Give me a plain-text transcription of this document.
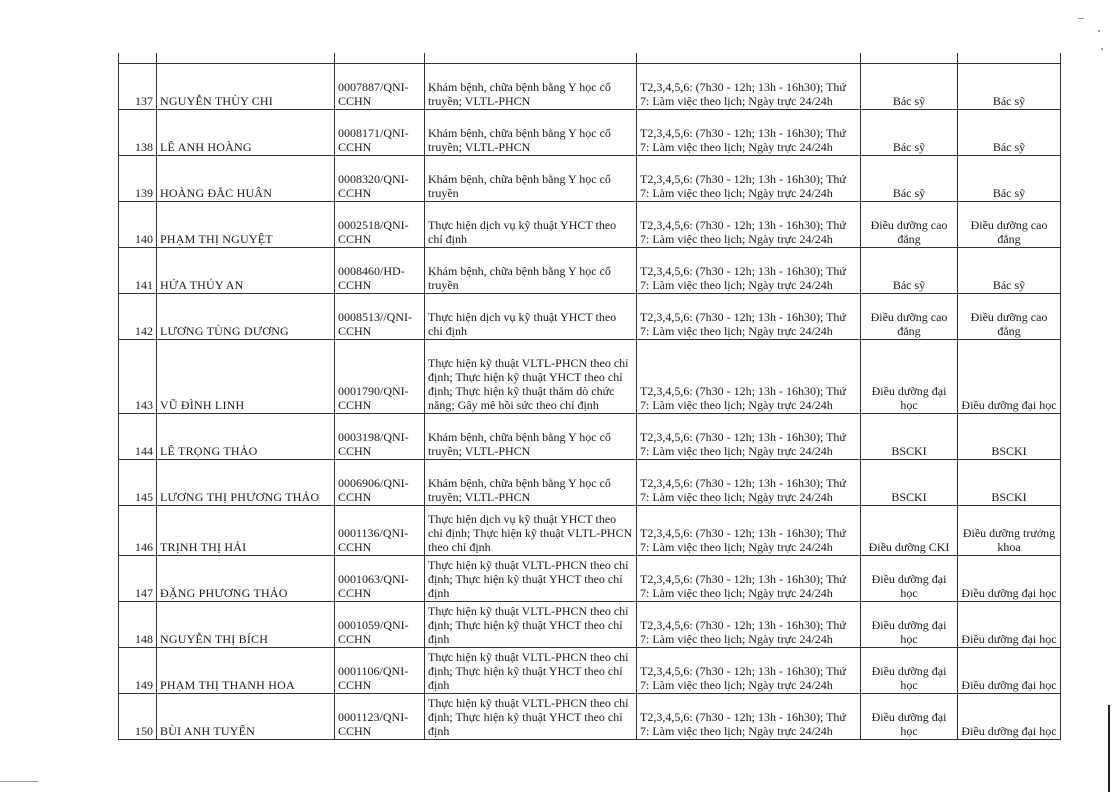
137	NGUYỄN THÙY CHI	0007887/QNI-CCHN	Khám bệnh, chữa bệnh bằng Y học cổ truyền; VLTL-PHCN	T2,3,4,5,6: (7h30 - 12h; 13h - 16h30); Thứ 7: Làm việc theo lịch; Ngày trực 24/24h	Bác sỹ	Bác sỹ
138	LÊ ANH HOÀNG	0008171/QNI-CCHN	Khám bệnh, chữa bệnh bằng Y học cổ truyền; VLTL-PHCN	T2,3,4,5,6: (7h30 - 12h; 13h - 16h30); Thứ 7: Làm việc theo lịch; Ngày trực 24/24h	Bác sỹ	Bác sỹ
139	HOÀNG ĐẮC HUÂN	0008320/QNI-CCHN	Khám bệnh, chữa bệnh bằng Y học cổ truyền	T2,3,4,5,6: (7h30 - 12h; 13h - 16h30); Thứ 7: Làm việc theo lịch; Ngày trực 24/24h	Bác sỹ	Bác sỹ
140	PHẠM THỊ NGUYỆT	0002518/QNI-CCHN	Thực hiện dịch vụ kỹ thuật YHCT theo chỉ định	T2,3,4,5,6: (7h30 - 12h; 13h - 16h30); Thứ 7: Làm việc theo lịch; Ngày trực 24/24h	Điều dưỡng cao đẳng	Điều dưỡng cao đẳng
141	HỨA THÚY AN	0008460/HD-CCHN	Khám bệnh, chữa bệnh bằng Y học cổ truyền	T2,3,4,5,6: (7h30 - 12h; 13h - 16h30); Thứ 7: Làm việc theo lịch; Ngày trực 24/24h	Bác sỹ	Bác sỹ
142	LƯƠNG TÙNG DƯƠNG	0008513//QNI-CCHN	Thực hiện dịch vụ kỹ thuật YHCT theo chỉ định	T2,3,4,5,6: (7h30 - 12h; 13h - 16h30); Thứ 7: Làm việc theo lịch; Ngày trực 24/24h	Điều dưỡng cao đẳng	Điều dưỡng cao đẳng
143	VŨ ĐÌNH LINH	0001790/QNI-CCHN	Thực hiện kỹ thuật VLTL-PHCN theo chỉ định; Thực hiện kỹ thuật YHCT theo chỉ định; Thực hiện kỹ thuật thăm dò chức năng; Gây mê hồi sức theo chỉ định	T2,3,4,5,6: (7h30 - 12h; 13h - 16h30); Thứ 7: Làm việc theo lịch; Ngày trực 24/24h	Điều dưỡng đại học	Điều dưỡng đại học
144	LÊ TRỌNG THẢO	0003198/QNI-CCHN	Khám bệnh, chữa bệnh bằng Y học cổ truyền; VLTL-PHCN	T2,3,4,5,6: (7h30 - 12h; 13h - 16h30); Thứ 7: Làm việc theo lịch; Ngày trực 24/24h	BSCKI	BSCKI
145	LƯƠNG THỊ PHƯƠNG THẢO	0006906/QNI-CCHN	Khám bệnh, chữa bệnh bằng Y học cổ truyền; VLTL-PHCN	T2,3,4,5,6: (7h30 - 12h; 13h - 16h30); Thứ 7: Làm việc theo lịch; Ngày trực 24/24h	BSCKI	BSCKI
146	TRỊNH THỊ HẢI	0001136/QNI-CCHN	Thực hiện dịch vụ kỹ thuật YHCT theo chỉ định; Thực hiện kỹ thuật VLTL-PHCN theo chỉ định	T2,3,4,5,6: (7h30 - 12h; 13h - 16h30); Thứ 7: Làm việc theo lịch; Ngày trực 24/24h	Điều dưỡng CKI	Điều dưỡng trưởng khoa
147	ĐẶNG PHƯƠNG THẢO	0001063/QNI-CCHN	Thực hiện kỹ thuật VLTL-PHCN theo chỉ định; Thực hiện kỹ thuật YHCT theo chỉ định	T2,3,4,5,6: (7h30 - 12h; 13h - 16h30); Thứ 7: Làm việc theo lịch; Ngày trực 24/24h	Điều dưỡng đại học	Điều dưỡng đại học
148	NGUYỄN THỊ BÍCH	0001059/QNI-CCHN	Thực hiện kỹ thuật VLTL-PHCN theo chỉ định; Thực hiện kỹ thuật YHCT theo chỉ định	T2,3,4,5,6: (7h30 - 12h; 13h - 16h30); Thứ 7: Làm việc theo lịch; Ngày trực 24/24h	Điều dưỡng đại học	Điều dưỡng đại học
149	PHẠM THỊ THANH HOA	0001106/QNI-CCHN	Thực hiện kỹ thuật VLTL-PHCN theo chỉ định; Thực hiện kỹ thuật YHCT theo chỉ định	T2,3,4,5,6: (7h30 - 12h; 13h - 16h30); Thứ 7: Làm việc theo lịch; Ngày trực 24/24h	Điều dưỡng đại học	Điều dưỡng đại học
150	BÙI ANH TUYẾN	0001123/QNI-CCHN	Thực hiện kỹ thuật VLTL-PHCN theo chỉ định; Thực hiện kỹ thuật YHCT theo chỉ định	T2,3,4,5,6: (7h30 - 12h; 13h - 16h30); Thứ 7: Làm việc theo lịch; Ngày trực 24/24h	Điều dưỡng đại học	Điều dưỡng đại học
